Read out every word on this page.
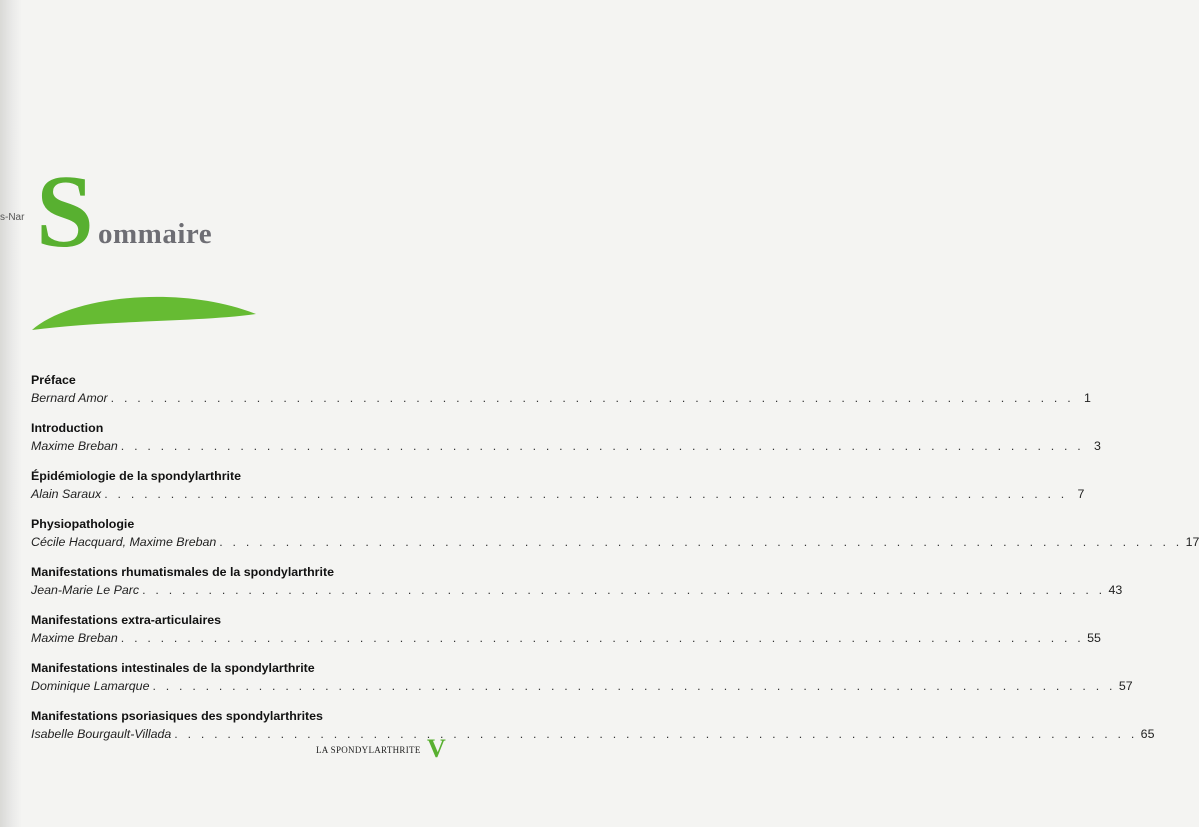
s-Nar S ommaire
Préface
Bernard Amor . . . . . . . . . . . . . . . . . . . . . . . . . . . . . . . . . . . . . . . . . . . . . . . . . . . . . . . . . . . . . . . . . . . . . . . . . 1
Introduction
Maxime Breban . . . . . . . . . . . . . . . . . . . . . . . . . . . . . . . . . . . . . . . . . . . . . . . . . . . . . . . . . . . . . . . . . . . . . . . . . 3
Épidémiologie de la spondylarthrite
Alain Saraux . . . . . . . . . . . . . . . . . . . . . . . . . . . . . . . . . . . . . . . . . . . . . . . . . . . . . . . . . . . . . . . . . . . . . . . . . 7
Physiopathologie
Cécile Hacquard, Maxime Breban . . . . . . . . . . . . . . . . . . . . . . . . . . . . . . . . . . . . . . . . . . . . . . . . . . . . . . . . . . . . . . . . . . . . . . . . . 17
Manifestations rhumatismales de la spondylarthrite
Jean-Marie Le Parc . . . . . . . . . . . . . . . . . . . . . . . . . . . . . . . . . . . . . . . . . . . . . . . . . . . . . . . . . . . . . . . . . . . . . . . . . 43
Manifestations extra-articulaires
Maxime Breban . . . . . . . . . . . . . . . . . . . . . . . . . . . . . . . . . . . . . . . . . . . . . . . . . . . . . . . . . . . . . . . . . . . . . . . . . 55
Manifestations intestinales de la spondylarthrite
Dominique Lamarque . . . . . . . . . . . . . . . . . . . . . . . . . . . . . . . . . . . . . . . . . . . . . . . . . . . . . . . . . . . . . . . . . . . . . . . . . 57
Manifestations psoriasiques des spondylarthrites
Isabelle Bourgault-Villada . . . . . . . . . . . . . . . . . . . . . . . . . . . . . . . . . . . . . . . . . . . . . . . . . . . . . . . . . . . . . . . . . . . . . . . . . 65
LA SPONDYLARTHRITE V
